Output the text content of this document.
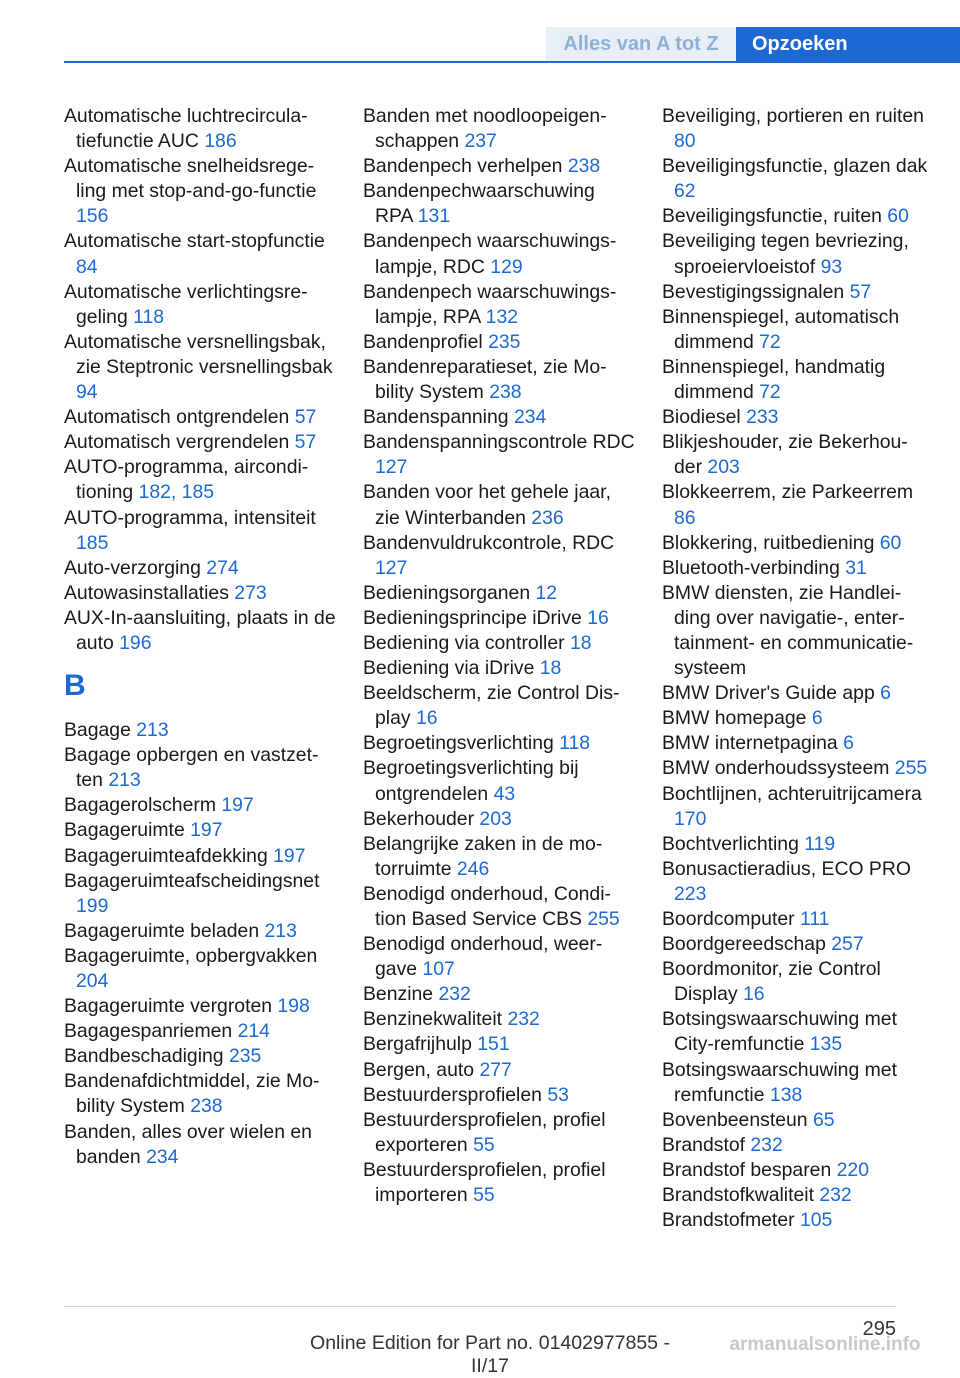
Alles van A tot Z	Opzoeken
Automatische luchtrecirculatiefunctie AUC 186
Automatische snelheidsregeling met stop-and-go-functie 156
Automatische start-stopfunctie 84
Automatische verlichtingsregeling 118
Automatische versnellingsbak, zie Steptronic versnellingsbak 94
Automatisch ontgrendelen 57
Automatisch vergrendelen 57
AUTO-programma, airconditioning 182, 185
AUTO-programma, intensiteit 185
Auto-verzorging 274
Autowasinstallaties 273
AUX-In-aansluiting, plaats in de auto 196
B
Bagage 213
Bagage opbergen en vastzetten 213
Bagagerolscherm 197
Bagageruimte 197
Bagageruimteafdekking 197
Bagageruimteafscheidingsnet 199
Bagageruimte beladen 213
Bagageruimte, opbergvakken 204
Bagageruimte vergroten 198
Bagagespanriemen 214
Bandbeschadiging 235
Bandenafdichtmiddel, zie Mobility System 238
Banden, alles over wielen en banden 234
Banden met noodloopeigenschappen 237
Bandenpech verhelpen 238
Bandenpechwaarschuwing RPA 131
Bandenpech waarschuwingslampje, RDC 129
Bandenpech waarschuwingslampje, RPA 132
Bandenprofiel 235
Bandenreparatieset, zie Mobility System 238
Bandenspanning 234
Bandenspanningscontrole RDC 127
Banden voor het gehele jaar, zie Winterbanden 236
Bandenvuldrukcontrole, RDC 127
Bedieningsorganen 12
Bedieningsprincipe iDrive 16
Bediening via controller 18
Bediening via iDrive 18
Beeldscherm, zie Control Display 16
Begroetingsverlichting 118
Begroetingsverlichting bij ontgrendelen 43
Bekerhouder 203
Belangrijke zaken in de motorruimte 246
Benodigd onderhoud, Condition Based Service CBS 255
Benodigd onderhoud, weergave 107
Benzine 232
Benzinekwaliteit 232
Bergafrijhulp 151
Bergen, auto 277
Bestuurdersprofielen 53
Bestuurdersprofielen, profiel exporteren 55
Bestuurdersprofielen, profiel importeren 55
Beveiliging, portieren en ruiten 80
Beveiligingsfunctie, glazen dak 62
Beveiligingsfunctie, ruiten 60
Beveiliging tegen bevriezing, sproeiervloeistof 93
Bevestigingssignalen 57
Binnenspiegel, automatisch dimmend 72
Binnenspiegel, handmatig dimmend 72
Biodiesel 233
Blikjeshouder, zie Bekerhouder 203
Blokkeerrem, zie Parkeerrem 86
Blokkering, ruitbediening 60
Bluetooth-verbinding 31
BMW diensten, zie Handleiding over navigatie-, entertainment- en communicatiesysteem
BMW Driver's Guide app 6
BMW homepage 6
BMW internetpagina 6
BMW onderhoudssysteem 255
Bochtlijnen, achteruitrijcamera 170
Bochtverlichting 119
Bonusactieradius, ECO PRO 223
Boordcomputer 111
Boordgereedschap 257
Boordmonitor, zie Control Display 16
Botsingswaarschuwing met City-remfunctie 135
Botsingswaarschuwing met remfunctie 138
Bovenbeensteun 65
Brandstof 232
Brandstof besparen 220
Brandstofkwaliteit 232
Brandstofmeter 105
295
Online Edition for Part no. 01402977855 - II/17
armanualsonline.info
